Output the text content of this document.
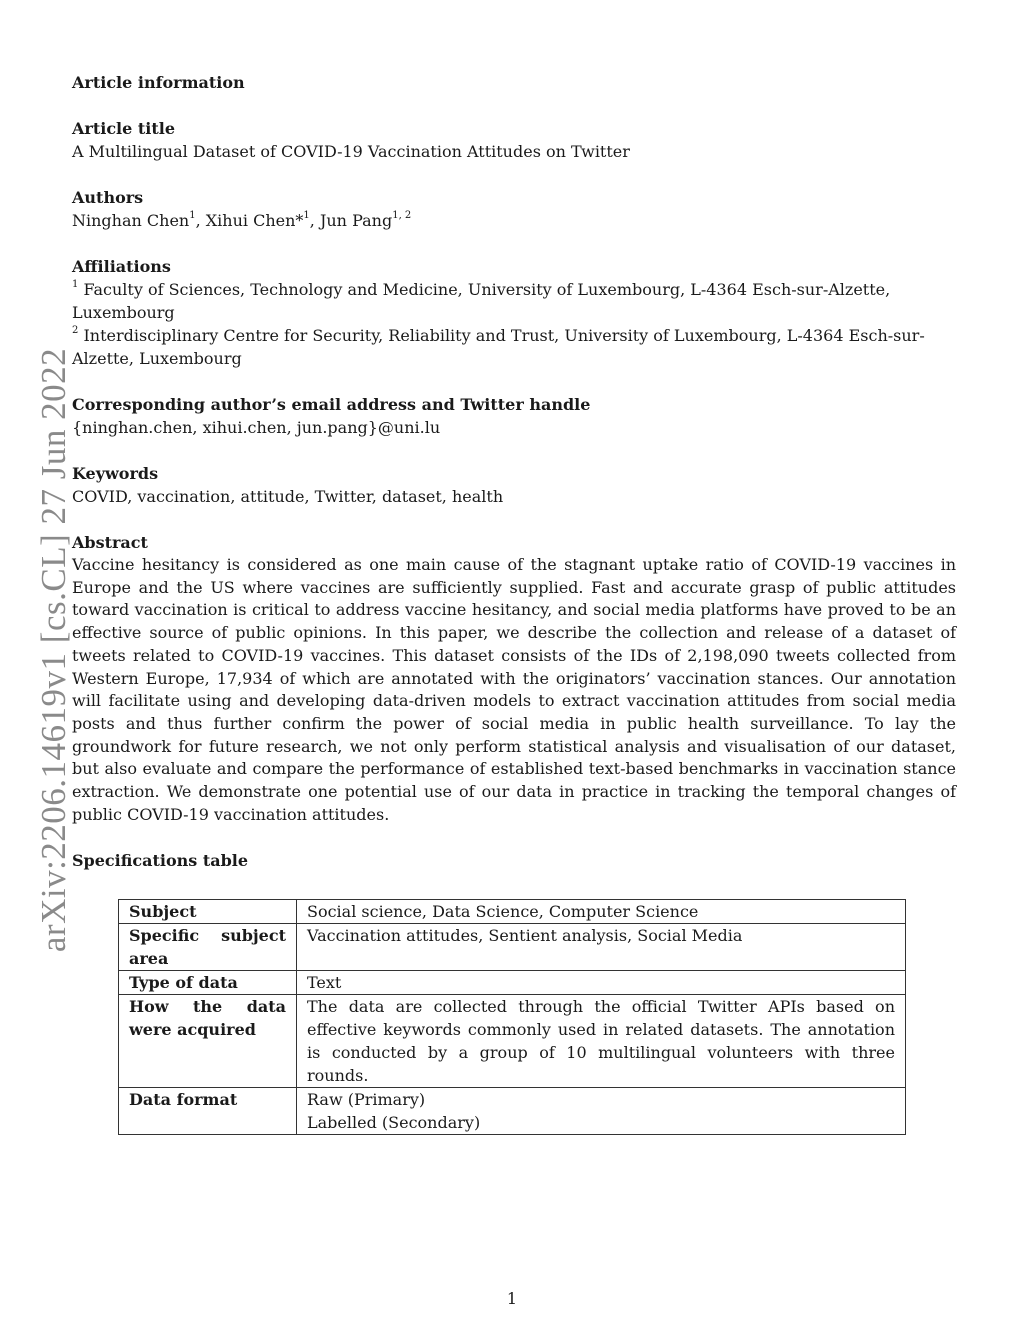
arXiv:2206.14619v1 [cs.CL] 27 Jun 2022

Article information

Article title

A Multilingual Dataset of COVID-19 Vaccination Attitudes on Twitter

Authors

Ninghan Chen$^1$, Xihui Chen*$^1$, Jun Pang$^{1, 2}$

Affiliations

$^1$ Faculty of Sciences, Technology and Medicine, University of Luxembourg, L-4364 Esch-sur-Alzette, Luxembourg

$^2$ Interdisciplinary Centre for Security, Reliability and Trust, University of Luxembourg, L-4364 Esch-sur-Alzette, Luxembourg

Corresponding author’s email address and Twitter handle

{ninghan.chen, xihui.chen, jun.pang}@uni.lu

Keywords

COVID, vaccination, attitude, Twitter, dataset, health

Abstract

Vaccine hesitancy is considered as one main cause of the stagnant uptake ratio of COVID-19 vaccines in Europe and the US where vaccines are sufficiently supplied. Fast and accurate grasp of public attitudes toward vaccination is critical to address vaccine hesitancy, and social media platforms have proved to be an effective source of public opinions. In this paper, we describe the collection and release of a dataset of tweets related to COVID-19 vaccines. This dataset consists of the IDs of 2,198,090 tweets collected from Western Europe, 17,934 of which are annotated with the originators’ vaccination stances. Our annotation will facilitate using and developing data-driven models to extract vaccination attitudes from social media posts and thus further confirm the power of social media in public health surveillance. To lay the groundwork for future research, we not only perform statistical analysis and visualisation of our dataset, but also evaluate and compare the performance of established text-based benchmarks in vaccination stance extraction. We demonstrate one potential use of our data in practice in tracking the temporal changes of public COVID-19 vaccination attitudes.

Specifications table

Subject	Social science, Data Science, Computer Science
Specific subject area	Vaccination attitudes, Sentient analysis, Social Media
Type of data	Text
How the data were acquired	The data are collected through the official Twitter APIs based on effective keywords commonly used in related datasets. The annotation is conducted by a group of 10 multilingual volunteers with three rounds.
Data format	Raw (Primary)
Labelled (Secondary)
1
